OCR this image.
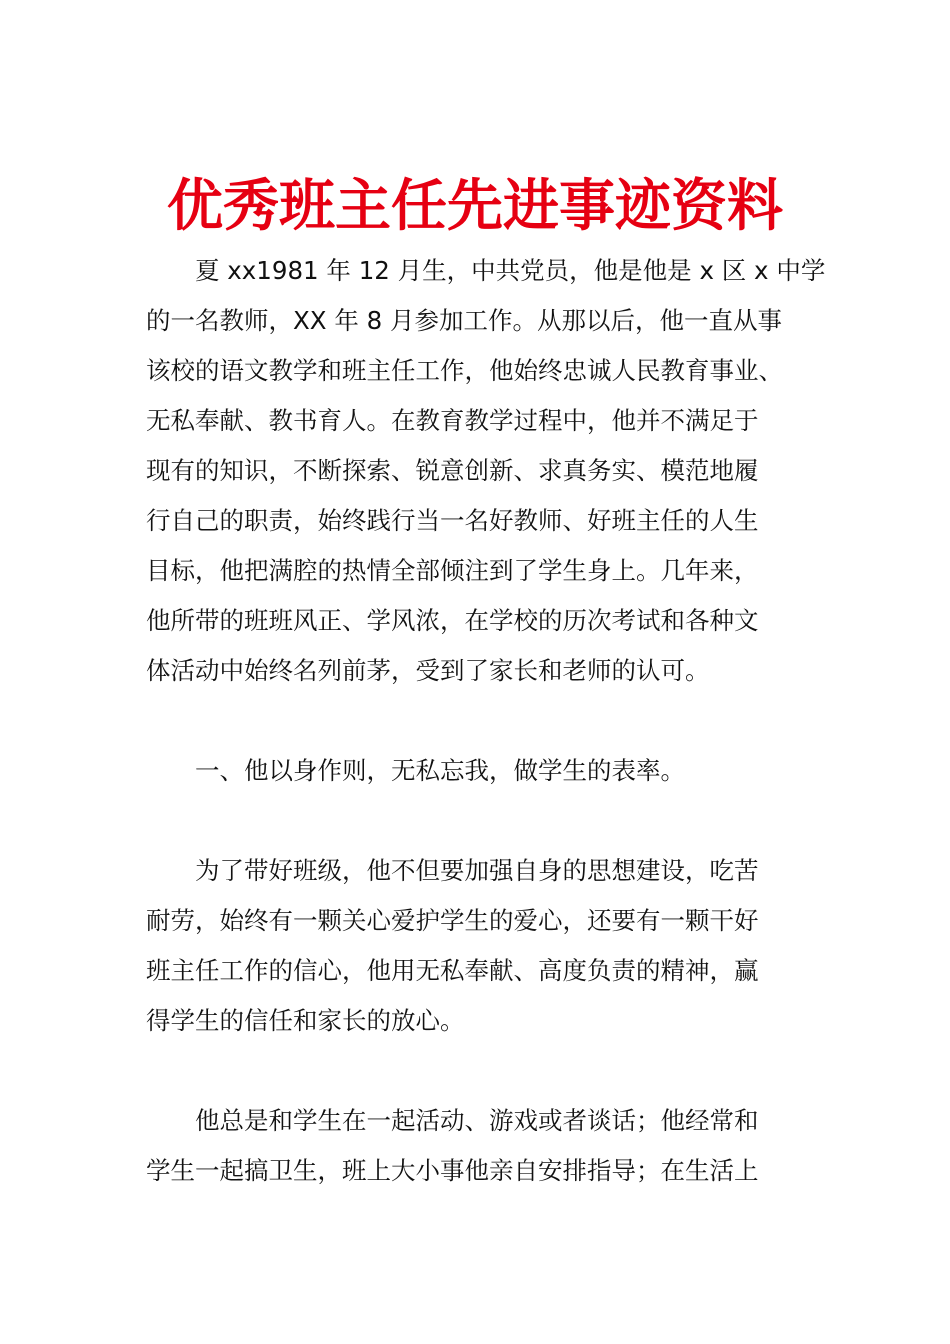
优秀班主任先进事迹资料
夏 xx1981 年 12 月生，中共党员，他是他是 x 区 x 中学
的一名教师，XX 年 8 月参加工作。从那以后，他一直从事
该校的语文教学和班主任工作，他始终忠诚人民教育事业、
无私奉献、教书育人。在教育教学过程中，他并不满足于
现有的知识，不断探索、锐意创新、求真务实、模范地履
行自己的职责，始终践行当一名好教师、好班主任的人生
目标，他把满腔的热情全部倾注到了学生身上。几年来，
他所带的班班风正、学风浓，在学校的历次考试和各种文
体活动中始终名列前茅，受到了家长和老师的认可。
一、他以身作则，无私忘我，做学生的表率。
为了带好班级，他不但要加强自身的思想建设，吃苦
耐劳，始终有一颗关心爱护学生的爱心，还要有一颗干好
班主任工作的信心，他用无私奉献、高度负责的精神，赢
得学生的信任和家长的放心。
他总是和学生在一起活动、游戏或者谈话；他经常和
学生一起搞卫生，班上大小事他亲自安排指导；在生活上
